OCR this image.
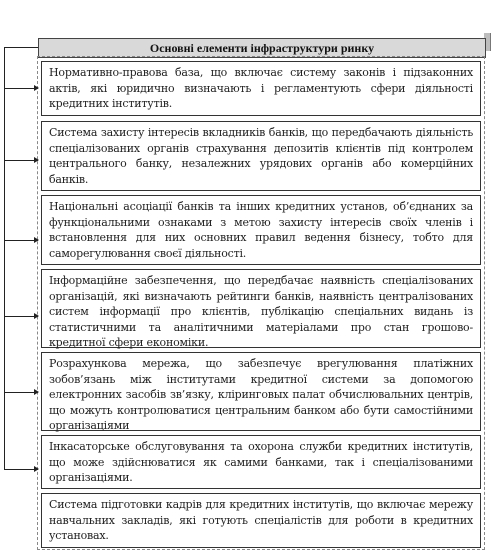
Основні елементи інфраструктури ринку
Нормативно-правова база, що включає систему законів і підзаконних актів, які юридично визначають і регламентують сфери діяльності кредитних інститутів.
Система захисту інтересів вкладників банків, що передбачають діяльність спеціалізованих органів страхування депозитів клієнтів під контролем центрального банку, незалежних урядових органів або комерційних банків.
Національні асоціації банків та інших кредитних установ, об’єднаних за функціональними ознаками з метою захисту інтересів своїх членів і встановлення для них основних правил ведення бізнесу, тобто для саморегулювання своєї діяльності.
Інформаційне забезпечення, що передбачає наявність спеціалізованих організацій, які визначають рейтинги банків, наявність централізованих систем інформації про клієнтів, публікацію спеціальних видань із статистичними та аналітичними матеріалами про стан грошово-кредитної сфери економіки.
Розрахункова мережа, що забезпечує врегулювання платіжних зобов’язань між інститутами кредитної системи за допомогою електронних засобів зв’язку, кліринговых палат обчислювальних центрів, що можуть контролюватися центральним банком або бути самостійними організаціями
Інкасаторське обслуговування та охорона служби кредитних інститутів, що може здійснюватися як самими банками, так і спеціалізованими організаціями.
Система підготовки кадрів для кредитних інститутів, що включає мережу навчальних закладів, які готують спеціалістів для роботи в кредитних установах.
